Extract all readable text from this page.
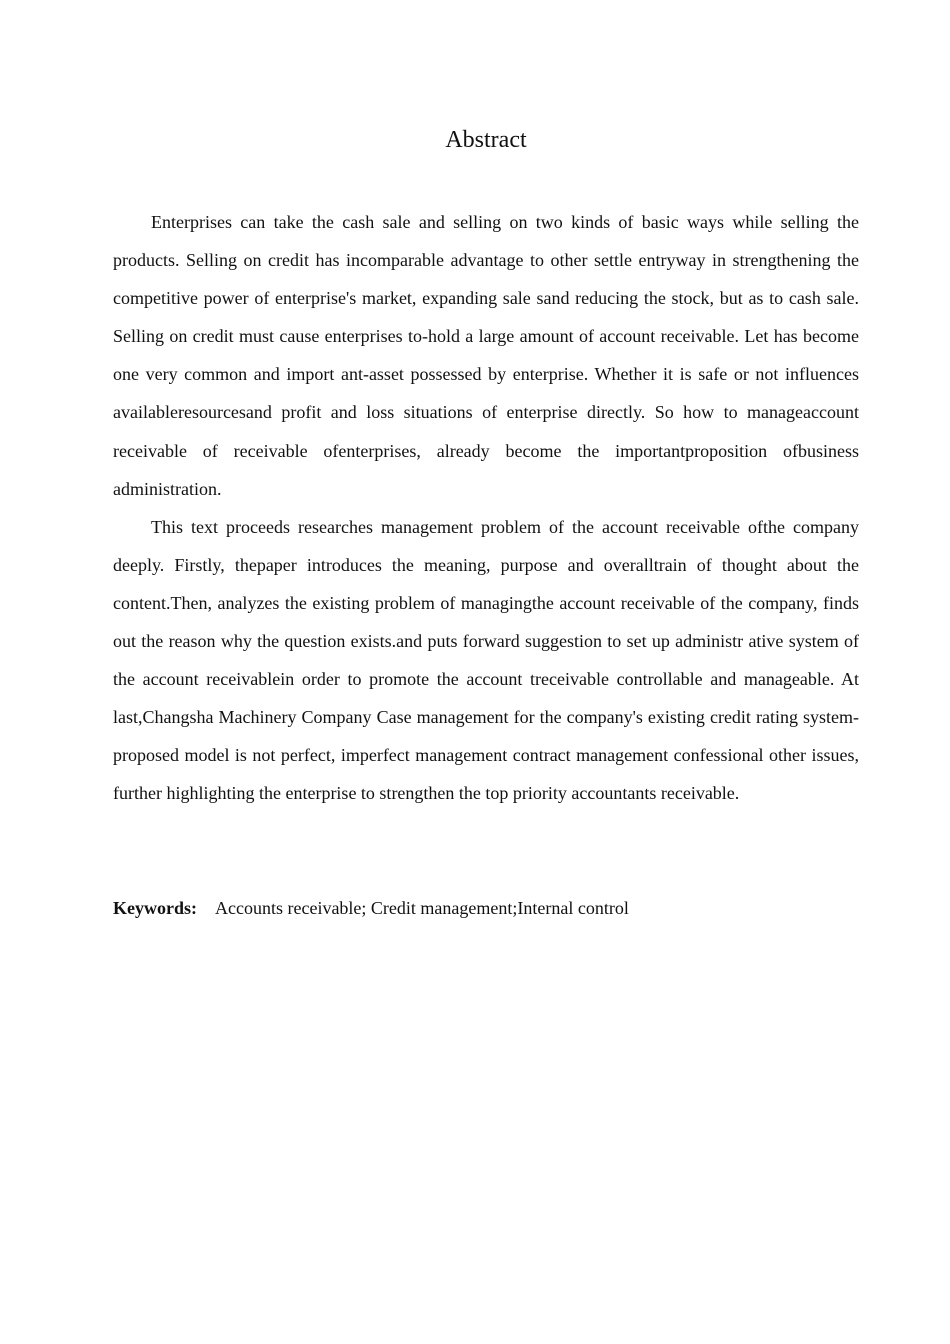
Abstract

Enterprises can take the cash sale and selling on two kinds of basic ways while selling the products. Selling on credit has incomparable advantage to other settle entryway in strengthening the competitive power of enterprise's market, expanding sale sand reducing the stock, but as to cash sale. Selling on credit must cause enterprises to-hold a large amount of account receivable. Let has become one very common and import ant-asset possessed by enterprise. Whether it is safe or not influences availableresourcesand profit and loss situations of enterprise directly. So how to manageaccount receivable of receivable ofenterprises, already become the importantproposition ofbusiness administration.

This text proceeds researches management problem of the account receivable ofthe company deeply. Firstly, thepaper introduces the meaning, purpose and overalltrain of thought about the content.Then, analyzes the existing problem of managingthe account receivable of the company, finds out the reason why the question exists.and puts forward suggestion to set up administr ative system of the account receivablein order to promote the account treceivable controllable and manageable. At last,Changsha Machinery Company Case management for the company's existing credit rating system-proposed model is not perfect, imperfect management contract management confessional other issues, further highlighting the enterprise to strengthen the top priority accountants receivable.

Keywords: Accounts receivable; Credit management;Internal control
